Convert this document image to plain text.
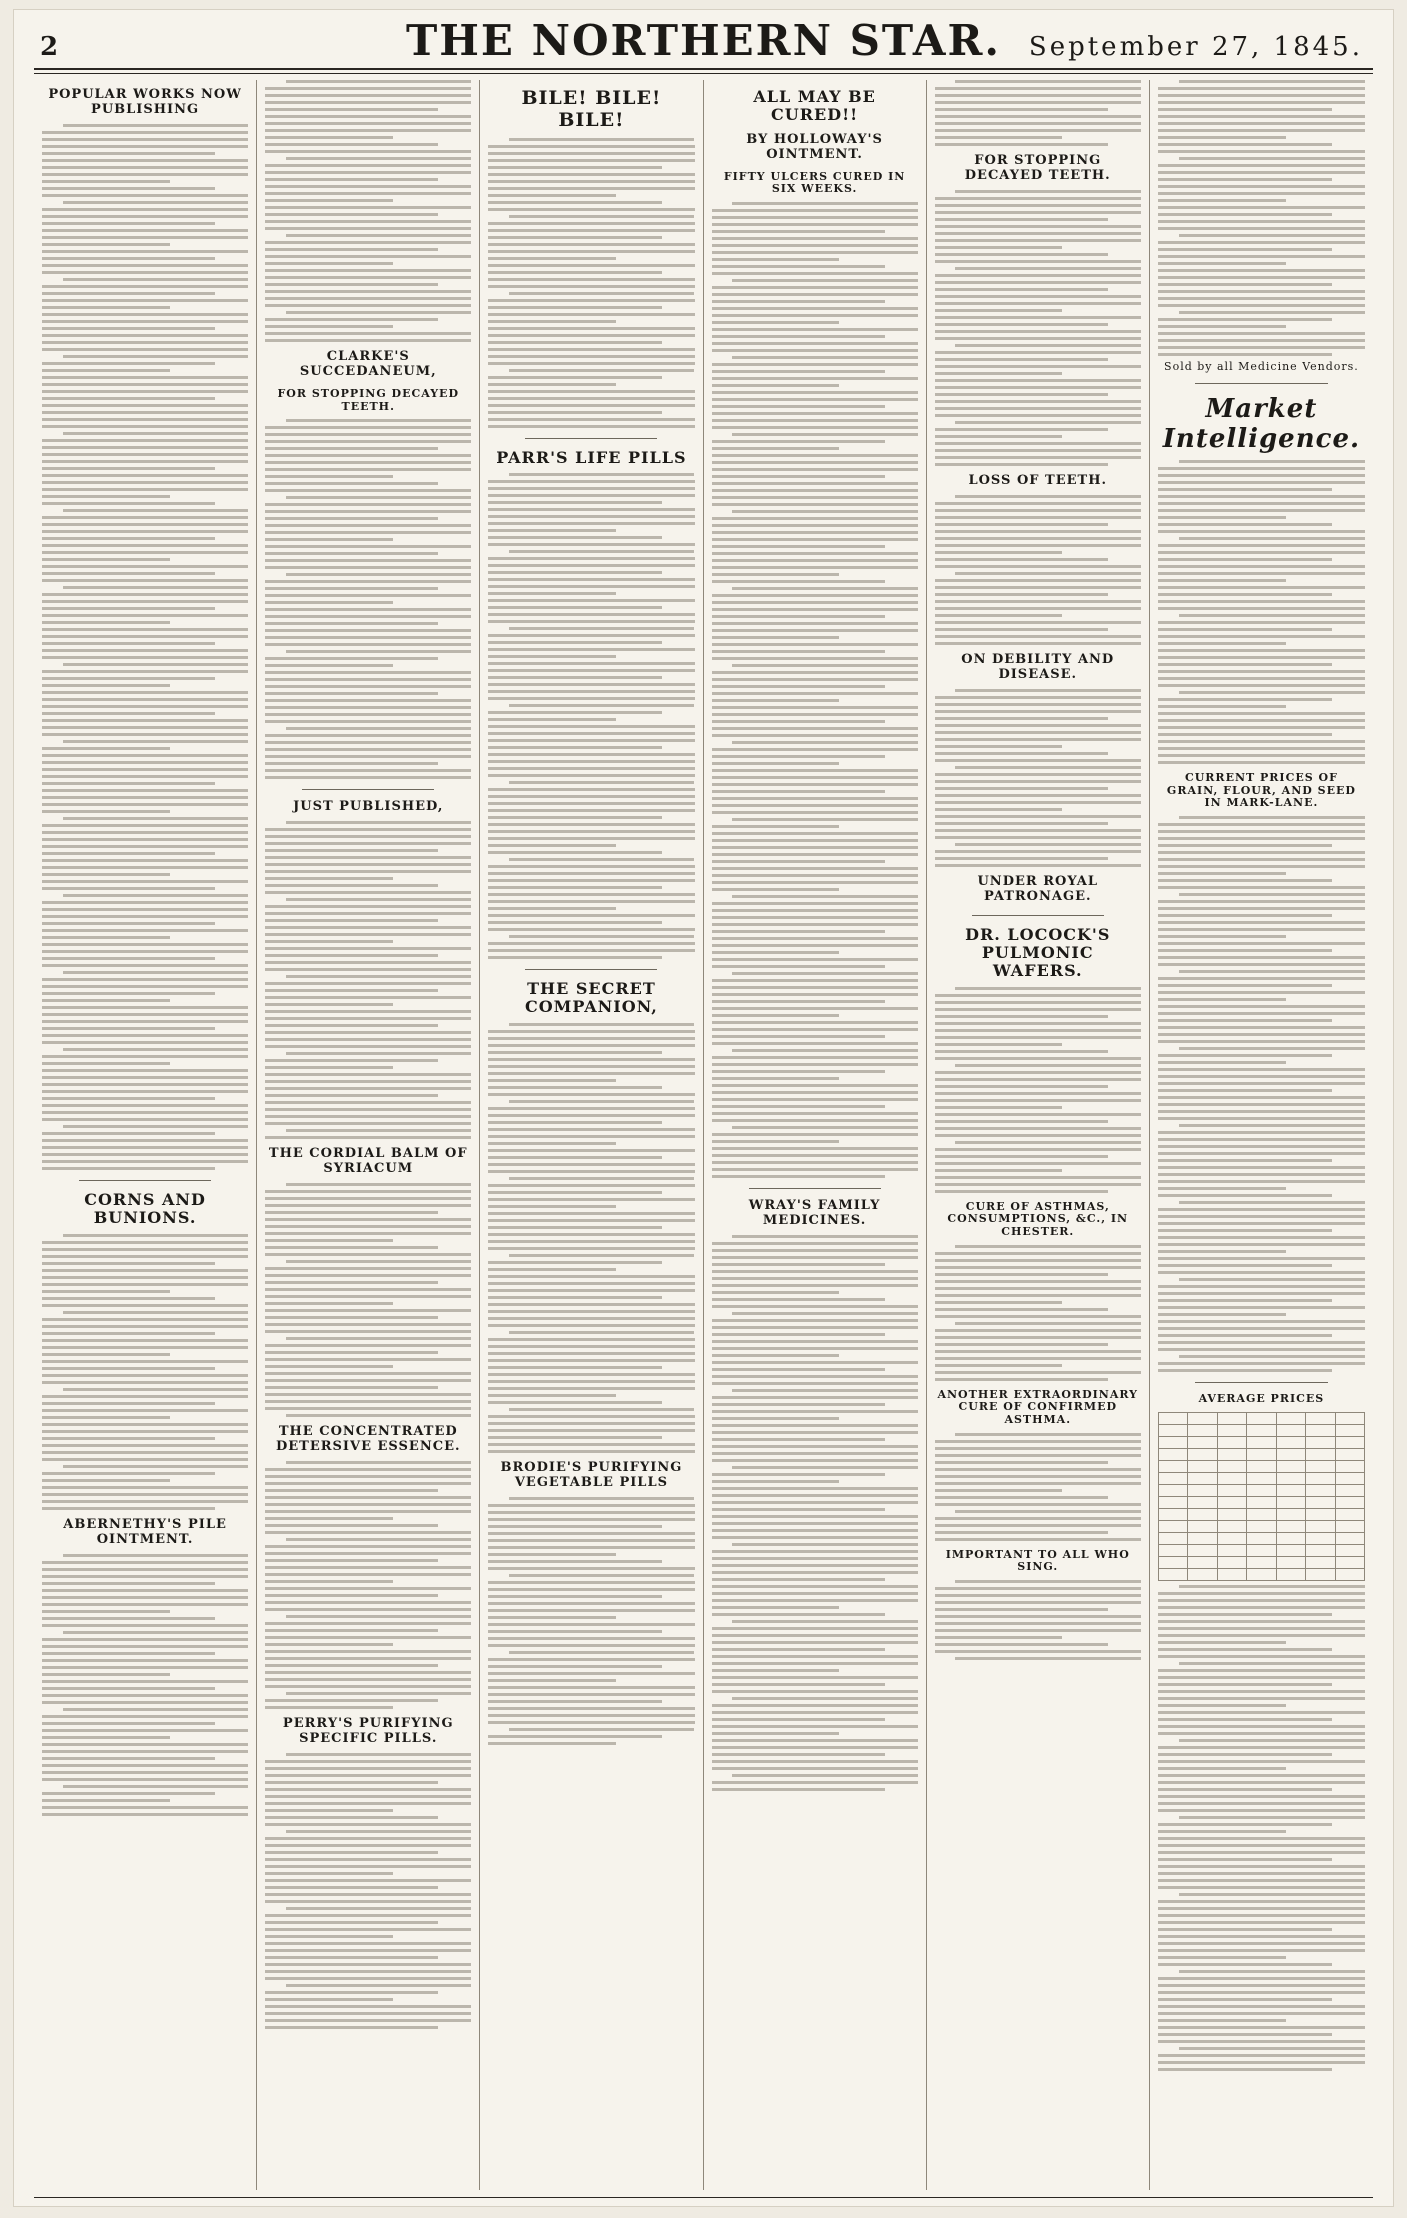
2	THE NORTHERN STAR.	September 27, 1845.
POPULAR WORKS NOW PUBLISHING
CORNS AND BUNIONS.
ABERNETHY'S PILE OINTMENT.
CLARKE'S SUCCEDANEUM,
FOR STOPPING DECAYED TEETH.
JUST PUBLISHED,
THE CORDIAL BALM OF SYRIACUM
THE CONCENTRATED DETERSIVE ESSENCE.
PERRY'S PURIFYING SPECIFIC PILLS.
BILE! BILE! BILE!
PARR'S LIFE PILLS
THE SECRET COMPANION,
BRODIE'S PURIFYING VEGETABLE PILLS
ALL MAY BE CURED!!
BY HOLLOWAY'S OINTMENT.
FIFTY ULCERS CURED IN SIX WEEKS.
WRAY'S FAMILY MEDICINES.
FOR STOPPING DECAYED TEETH.
LOSS OF TEETH.
ON DEBILITY AND DISEASE.
UNDER ROYAL PATRONAGE.
DR. LOCOCK'S PULMONIC WAFERS.
CURE OF ASTHMAS, CONSUMPTIONS, &C., IN CHESTER.
ANOTHER EXTRAORDINARY CURE OF CONFIRMED ASTHMA.
IMPORTANT TO ALL WHO SING.
Sold by all Medicine Vendors.
Market Intelligence.
CURRENT PRICES OF GRAIN, FLOUR, AND SEED IN MARK-LANE.
AVERAGE PRICES
